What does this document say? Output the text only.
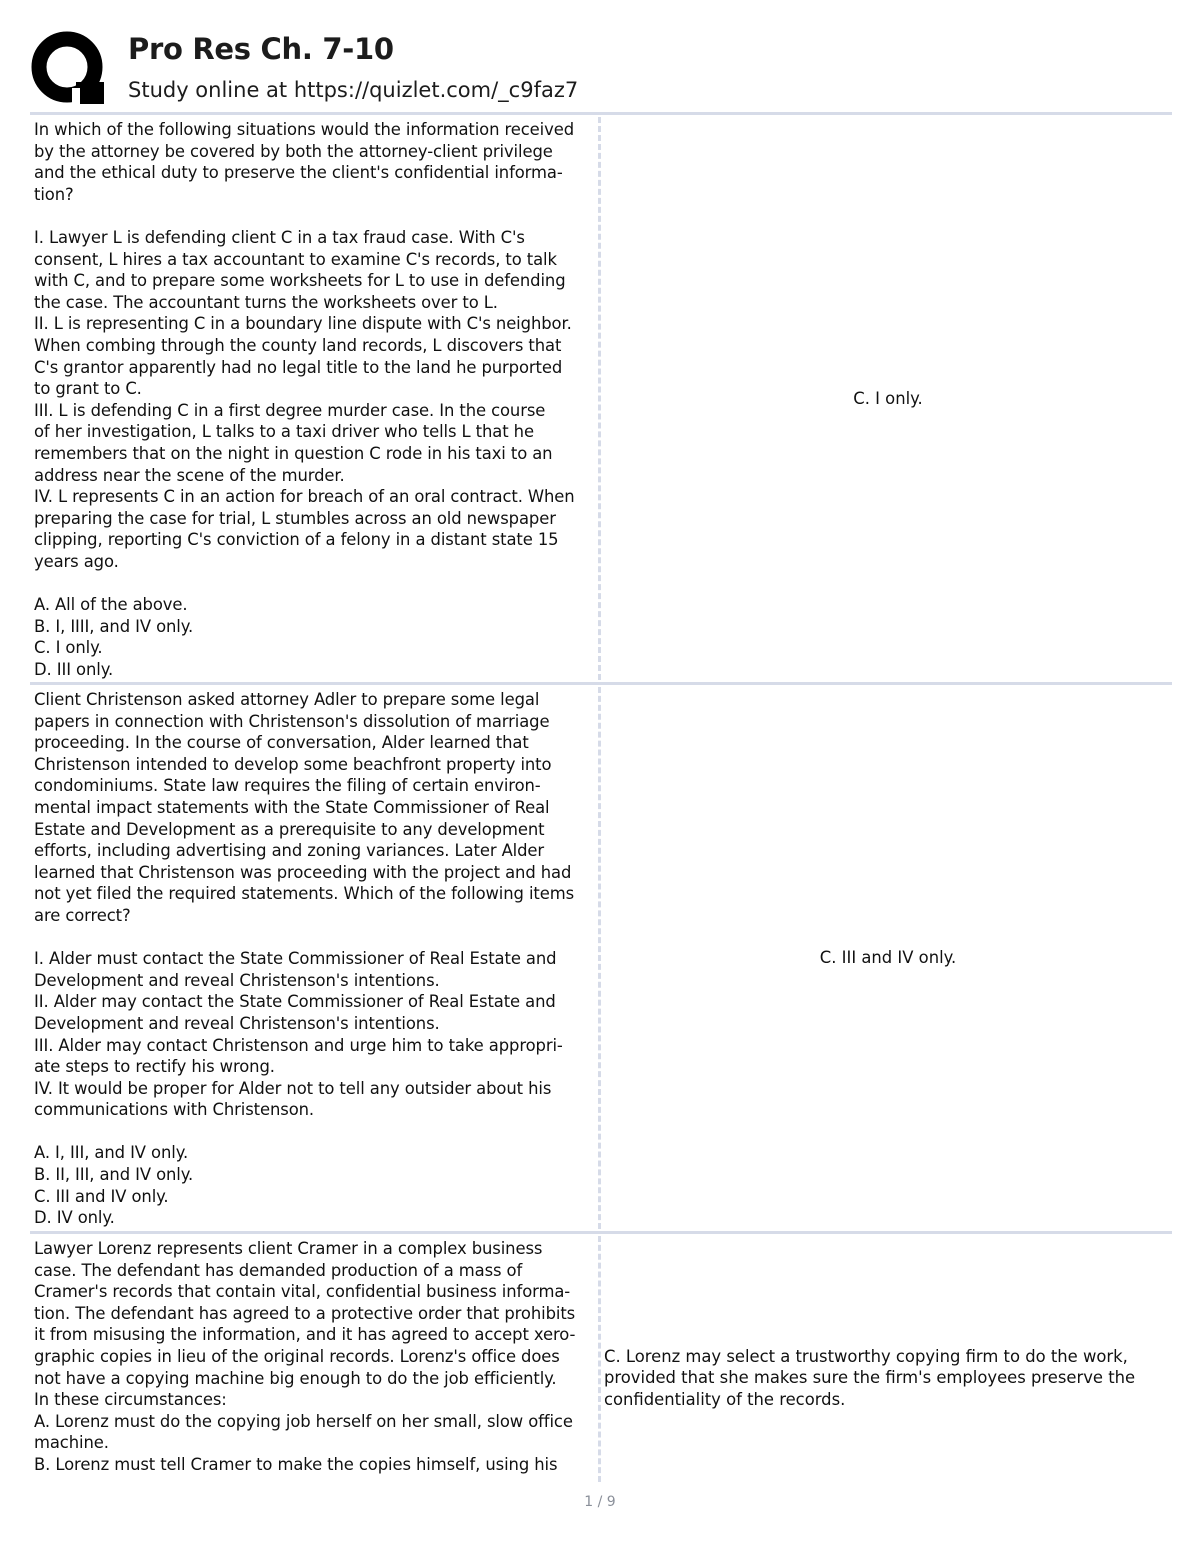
Pro Res Ch. 7-10
Study online at https://quizlet.com/_c9faz7
In which of the following situations would the information received
by the attorney be covered by both the attorney-client privilege
and the ethical duty to preserve the client's confidential informa-
tion?

I. Lawyer L is defending client C in a tax fraud case. With C's
consent, L hires a tax accountant to examine C's records, to talk
with C, and to prepare some worksheets for L to use in defending
the case. The accountant turns the worksheets over to L.
II. L is representing C in a boundary line dispute with C's neighbor.
When combing through the county land records, L discovers that
C's grantor apparently had no legal title to the land he purported
to grant to C.
III. L is defending C in a first degree murder case. In the course
of her investigation, L talks to a taxi driver who tells L that he
remembers that on the night in question C rode in his taxi to an
address near the scene of the murder.
IV. L represents C in an action for breach of an oral contract. When
preparing the case for trial, L stumbles across an old newspaper
clipping, reporting C's conviction of a felony in a distant state 15
years ago.

A. All of the above.
B. I, IIII, and IV only.
C. I only.
D. III only.
C. I only.
Client Christenson asked attorney Adler to prepare some legal
papers in connection with Christenson's dissolution of marriage
proceeding. In the course of conversation, Alder learned that
Christenson intended to develop some beachfront property into
condominiums. State law requires the filing of certain environ-
mental impact statements with the State Commissioner of Real
Estate and Development as a prerequisite to any development
efforts, including advertising and zoning variances. Later Alder
learned that Christenson was proceeding with the project and had
not yet filed the required statements. Which of the following items
are correct?

I. Alder must contact the State Commissioner of Real Estate and
Development and reveal Christenson's intentions.
II. Alder may contact the State Commissioner of Real Estate and
Development and reveal Christenson's intentions.
III. Alder may contact Christenson and urge him to take appropri-
ate steps to rectify his wrong.
IV. It would be proper for Alder not to tell any outsider about his
communications with Christenson.

A. I, III, and IV only.
B. II, III, and IV only.
C. III and IV only.
D. IV only.
C. III and IV only.
Lawyer Lorenz represents client Cramer in a complex business
case. The defendant has demanded production of a mass of
Cramer's records that contain vital, confidential business informa-
tion. The defendant has agreed to a protective order that prohibits
it from misusing the information, and it has agreed to accept xero-
graphic copies in lieu of the original records. Lorenz's office does
not have a copying machine big enough to do the job efficiently.
In these circumstances:
A. Lorenz must do the copying job herself on her small, slow office
machine.
B. Lorenz must tell Cramer to make the copies himself, using his
C. Lorenz may select a trustworthy copying firm to do the work,
provided that she makes sure the firm's employees preserve the
confidentiality of the records.
1 / 9
